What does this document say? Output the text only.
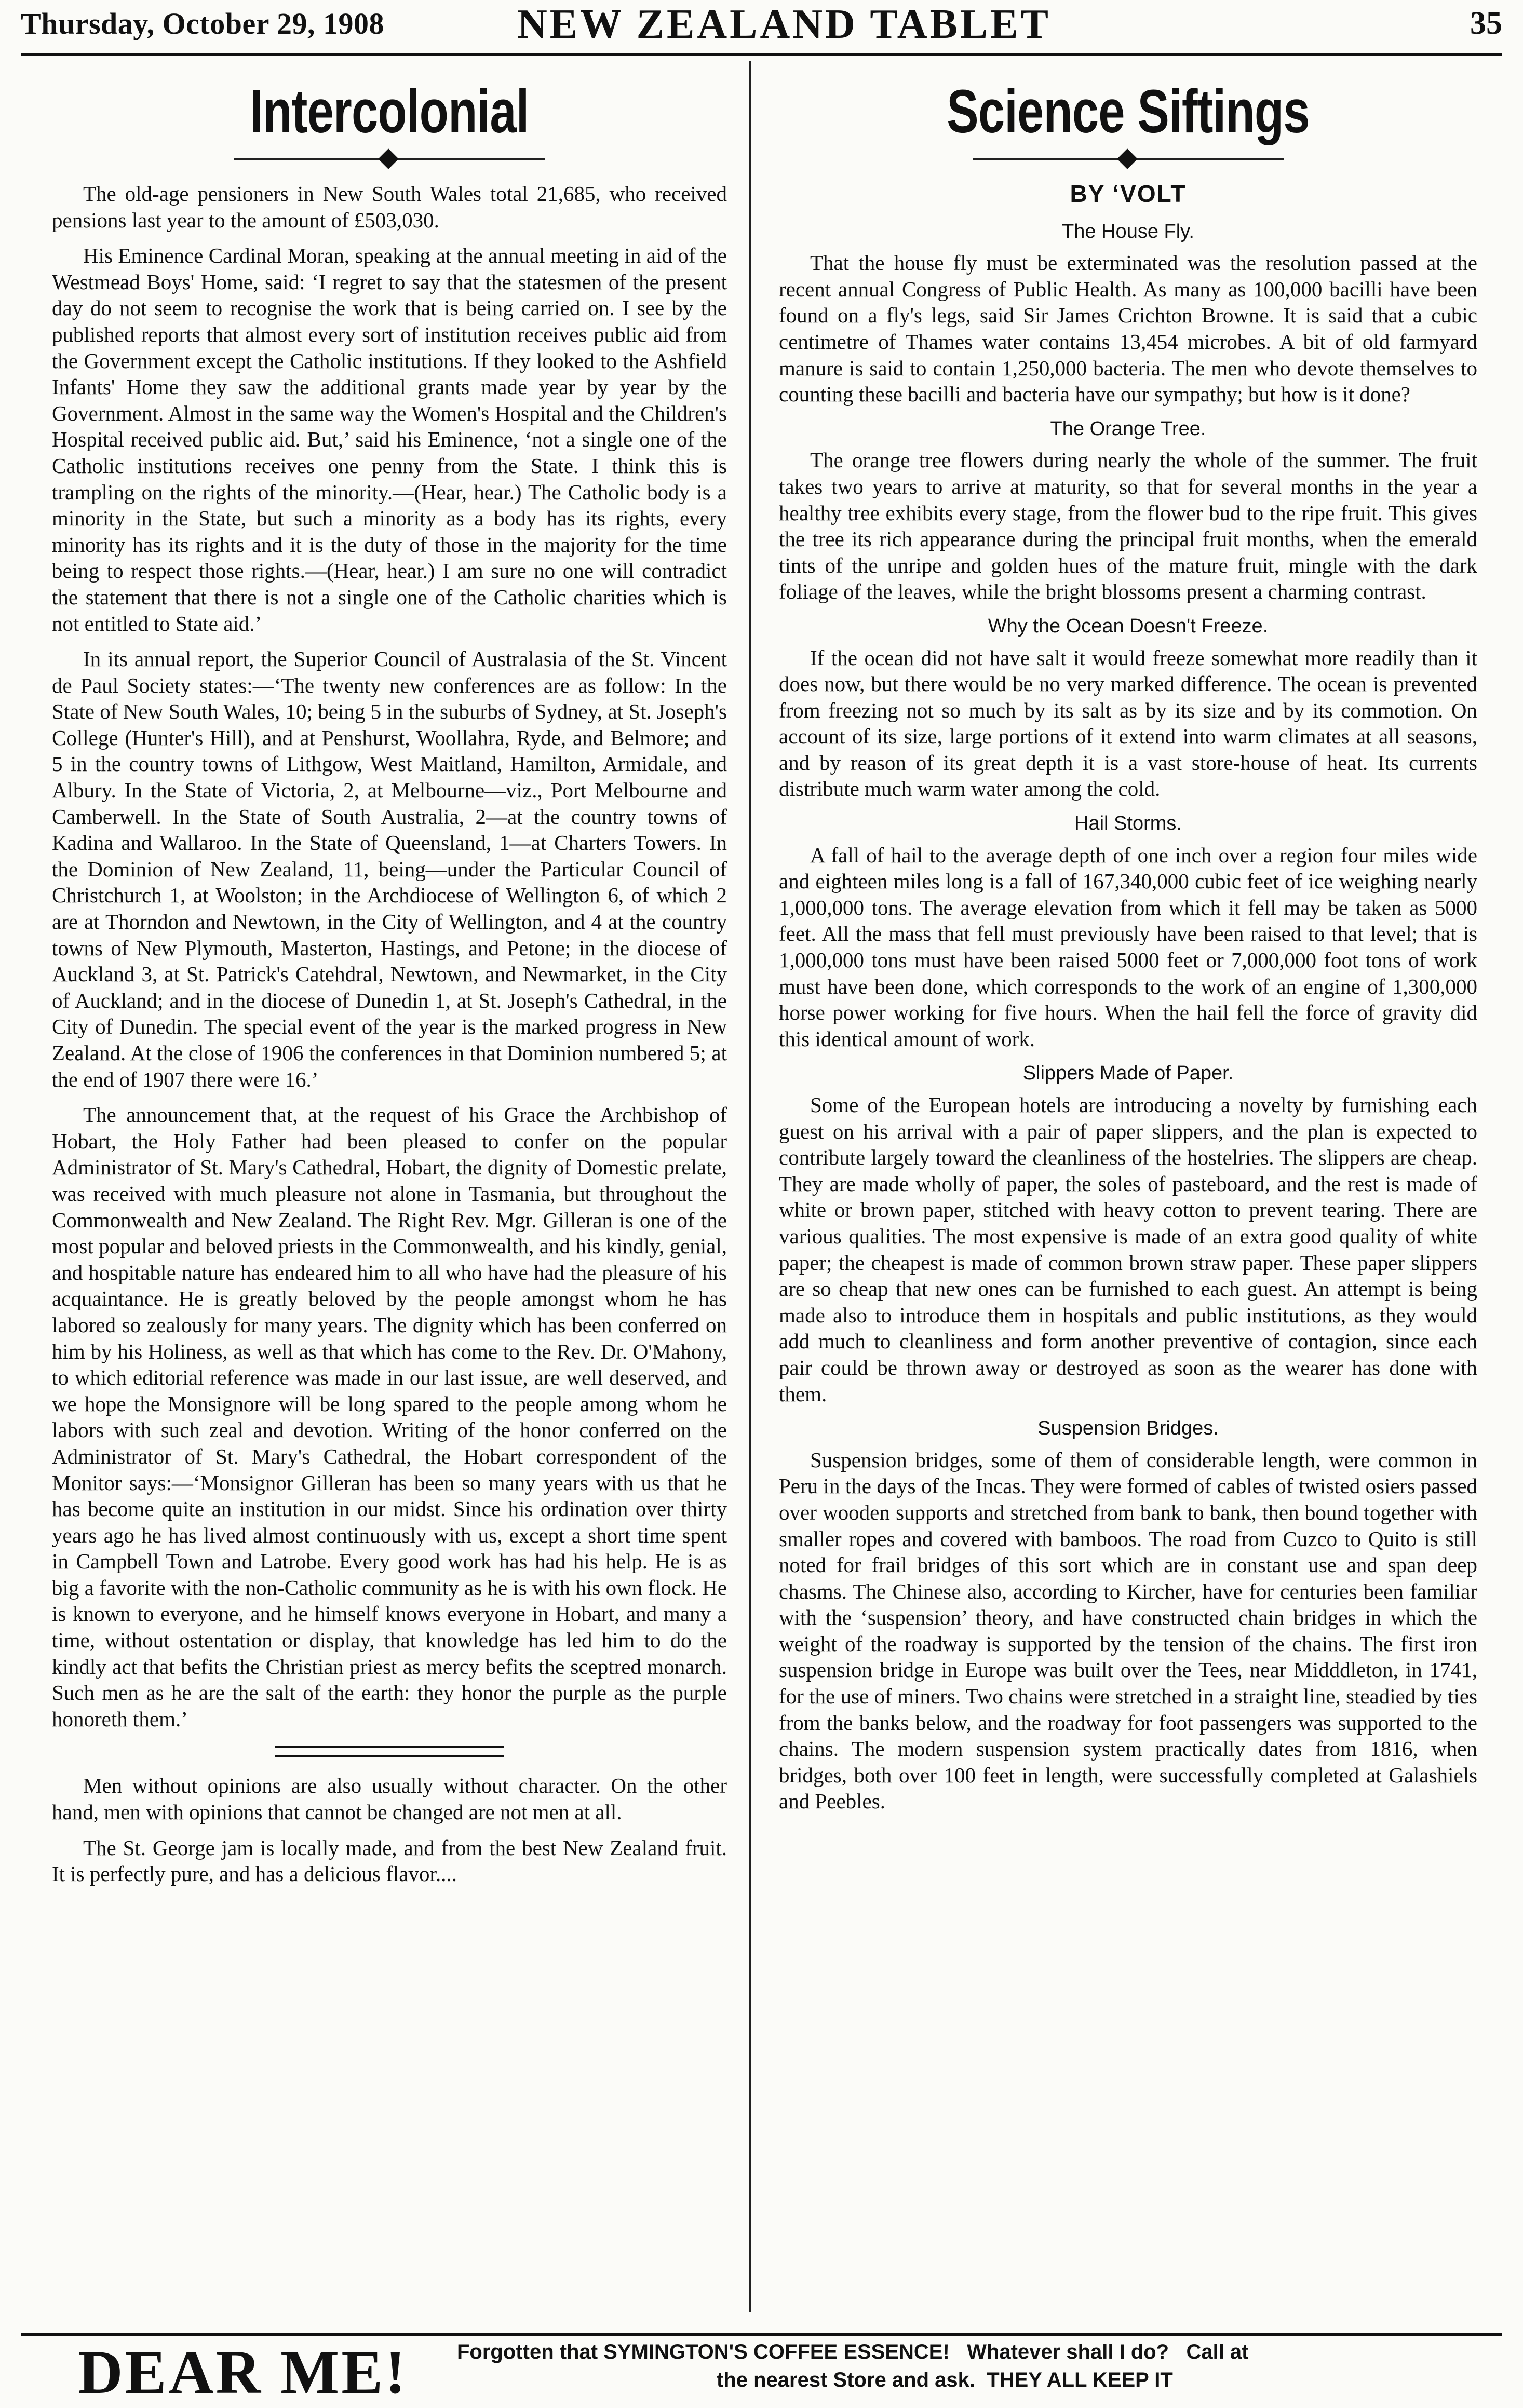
Thursday, October 29, 1908	NEW ZEALAND TABLET	35
Intercolonial

The old-age pensioners in New South Wales total 21,685, who received pensions last year to the amount of £503,030.

His Eminence Cardinal Moran, speaking at the annual meeting in aid of the Westmead Boys' Home, said: ‘I regret to say that the statesmen of the present day do not seem to recognise the work that is being carried on. I see by the published reports that almost every sort of institution receives public aid from the Government except the Catholic institutions. If they looked to the Ashfield Infants' Home they saw the additional grants made year by year by the Government. Almost in the same way the Women's Hospital and the Children's Hospital received public aid. But,’ said his Eminence, ‘not a single one of the Catholic institutions receives one penny from the State. I think this is trampling on the rights of the minority.—(Hear, hear.) The Catholic body is a minority in the State, but such a minority as a body has its rights, every minority has its rights and it is the duty of those in the majority for the time being to respect those rights.—(Hear, hear.) I am sure no one will contradict the statement that there is not a single one of the Catholic charities which is not entitled to State aid.’

In its annual report, the Superior Council of Australasia of the St. Vincent de Paul Society states:—‘The twenty new conferences are as follow: In the State of New South Wales, 10; being 5 in the suburbs of Sydney, at St. Joseph's College (Hunter's Hill), and at Penshurst, Woollahra, Ryde, and Belmore; and 5 in the country towns of Lithgow, West Maitland, Hamilton, Armidale, and Albury. In the State of Victoria, 2, at Melbourne—viz., Port Melbourne and Camberwell. In the State of South Australia, 2—at the country towns of Kadina and Wallaroo. In the State of Queensland, 1—at Charters Towers. In the Dominion of New Zealand, 11, being—under the Particular Council of Christchurch 1, at Woolston; in the Archdiocese of Wellington 6, of which 2 are at Thorndon and Newtown, in the City of Wellington, and 4 at the country towns of New Plymouth, Masterton, Hastings, and Petone; in the diocese of Auckland 3, at St. Patrick's Catehdral, Newtown, and Newmarket, in the City of Auckland; and in the diocese of Dunedin 1, at St. Joseph's Cathedral, in the City of Dunedin. The special event of the year is the marked progress in New Zealand. At the close of 1906 the conferences in that Dominion numbered 5; at the end of 1907 there were 16.’

The announcement that, at the request of his Grace the Archbishop of Hobart, the Holy Father had been pleased to confer on the popular Administrator of St. Mary's Cathedral, Hobart, the dignity of Domestic prelate, was received with much pleasure not alone in Tasmania, but throughout the Commonwealth and New Zealand. The Right Rev. Mgr. Gilleran is one of the most popular and beloved priests in the Commonwealth, and his kindly, genial, and hospitable nature has endeared him to all who have had the pleasure of his acquaintance. He is greatly beloved by the people amongst whom he has labored so zealously for many years. The dignity which has been conferred on him by his Holiness, as well as that which has come to the Rev. Dr. O'Mahony, to which editorial reference was made in our last issue, are well deserved, and we hope the Monsignore will be long spared to the people among whom he labors with such zeal and devotion. Writing of the honor conferred on the Administrator of St. Mary's Cathedral, the Hobart correspondent of the Monitor says:—‘Monsignor Gilleran has been so many years with us that he has become quite an institution in our midst. Since his ordination over thirty years ago he has lived almost continuously with us, except a short time spent in Campbell Town and Latrobe. Every good work has had his help. He is as big a favorite with the non-Catholic community as he is with his own flock. He is known to everyone, and he himself knows everyone in Hobart, and many a time, without ostentation or display, that knowledge has led him to do the kindly act that befits the Christian priest as mercy befits the sceptred monarch. Such men as he are the salt of the earth: they honor the purple as the purple honoreth them.’

Men without opinions are also usually without character. On the other hand, men with opinions that cannot be changed are not men at all.

The St. George jam is locally made, and from the best New Zealand fruit. It is perfectly pure, and has a delicious flavor....

Science Siftings
BY ‘VOLT
The House Fly.

That the house fly must be exterminated was the resolution passed at the recent annual Congress of Public Health. As many as 100,000 bacilli have been found on a fly's legs, said Sir James Crichton Browne. It is said that a cubic centimetre of Thames water contains 13,454 microbes. A bit of old farmyard manure is said to contain 1,250,000 bacteria. The men who devote themselves to counting these bacilli and bacteria have our sympathy; but how is it done?

The Orange Tree.

The orange tree flowers during nearly the whole of the summer. The fruit takes two years to arrive at maturity, so that for several months in the year a healthy tree exhibits every stage, from the flower bud to the ripe fruit. This gives the tree its rich appearance during the principal fruit months, when the emerald tints of the unripe and golden hues of the mature fruit, mingle with the dark foliage of the leaves, while the bright blossoms present a charming contrast.

Why the Ocean Doesn't Freeze.

If the ocean did not have salt it would freeze somewhat more readily than it does now, but there would be no very marked difference. The ocean is prevented from freezing not so much by its salt as by its size and by its commotion. On account of its size, large portions of it extend into warm climates at all seasons, and by reason of its great depth it is a vast store-house of heat. Its currents distribute much warm water among the cold.

Hail Storms.

A fall of hail to the average depth of one inch over a region four miles wide and eighteen miles long is a fall of 167,340,000 cubic feet of ice weighing nearly 1,000,000 tons. The average elevation from which it fell may be taken as 5000 feet. All the mass that fell must previously have been raised to that level; that is 1,000,000 tons must have been raised 5000 feet or 7,000,000 foot tons of work must have been done, which corresponds to the work of an engine of 1,300,000 horse power working for five hours. When the hail fell the force of gravity did this identical amount of work.

Slippers Made of Paper.

Some of the European hotels are introducing a novelty by furnishing each guest on his arrival with a pair of paper slippers, and the plan is expected to contribute largely toward the cleanliness of the hostelries. The slippers are cheap. They are made wholly of paper, the soles of pasteboard, and the rest is made of white or brown paper, stitched with heavy cotton to prevent tearing. There are various qualities. The most expensive is made of an extra good quality of white paper; the cheapest is made of common brown straw paper. These paper slippers are so cheap that new ones can be furnished to each guest. An attempt is being made also to introduce them in hospitals and public institutions, as they would add much to cleanliness and form another preventive of contagion, since each pair could be thrown away or destroyed as soon as the wearer has done with them.

Suspension Bridges.

Suspension bridges, some of them of considerable length, were common in Peru in the days of the Incas. They were formed of cables of twisted osiers passed over wooden supports and stretched from bank to bank, then bound together with smaller ropes and covered with bamboos. The road from Cuzco to Quito is still noted for frail bridges of this sort which are in constant use and span deep chasms. The Chinese also, according to Kircher, have for centuries been familiar with the ‘suspension’ theory, and have constructed chain bridges in which the weight of the roadway is supported by the tension of the chains. The first iron suspension bridge in Europe was built over the Tees, near Midddleton, in 1741, for the use of miners. Two chains were stretched in a straight line, steadied by ties from the banks below, and the roadway for foot passengers was supported to the chains. The modern suspension system practically dates from 1816, when bridges, both over 100 feet in length, were successfully completed at Galashiels and Peebles.

DEAR ME! Forgotten that SYMINGTON'S COFFEE ESSENCE!   Whatever shall I do?   Call at
the nearest Store and ask.  THEY ALL KEEP IT
